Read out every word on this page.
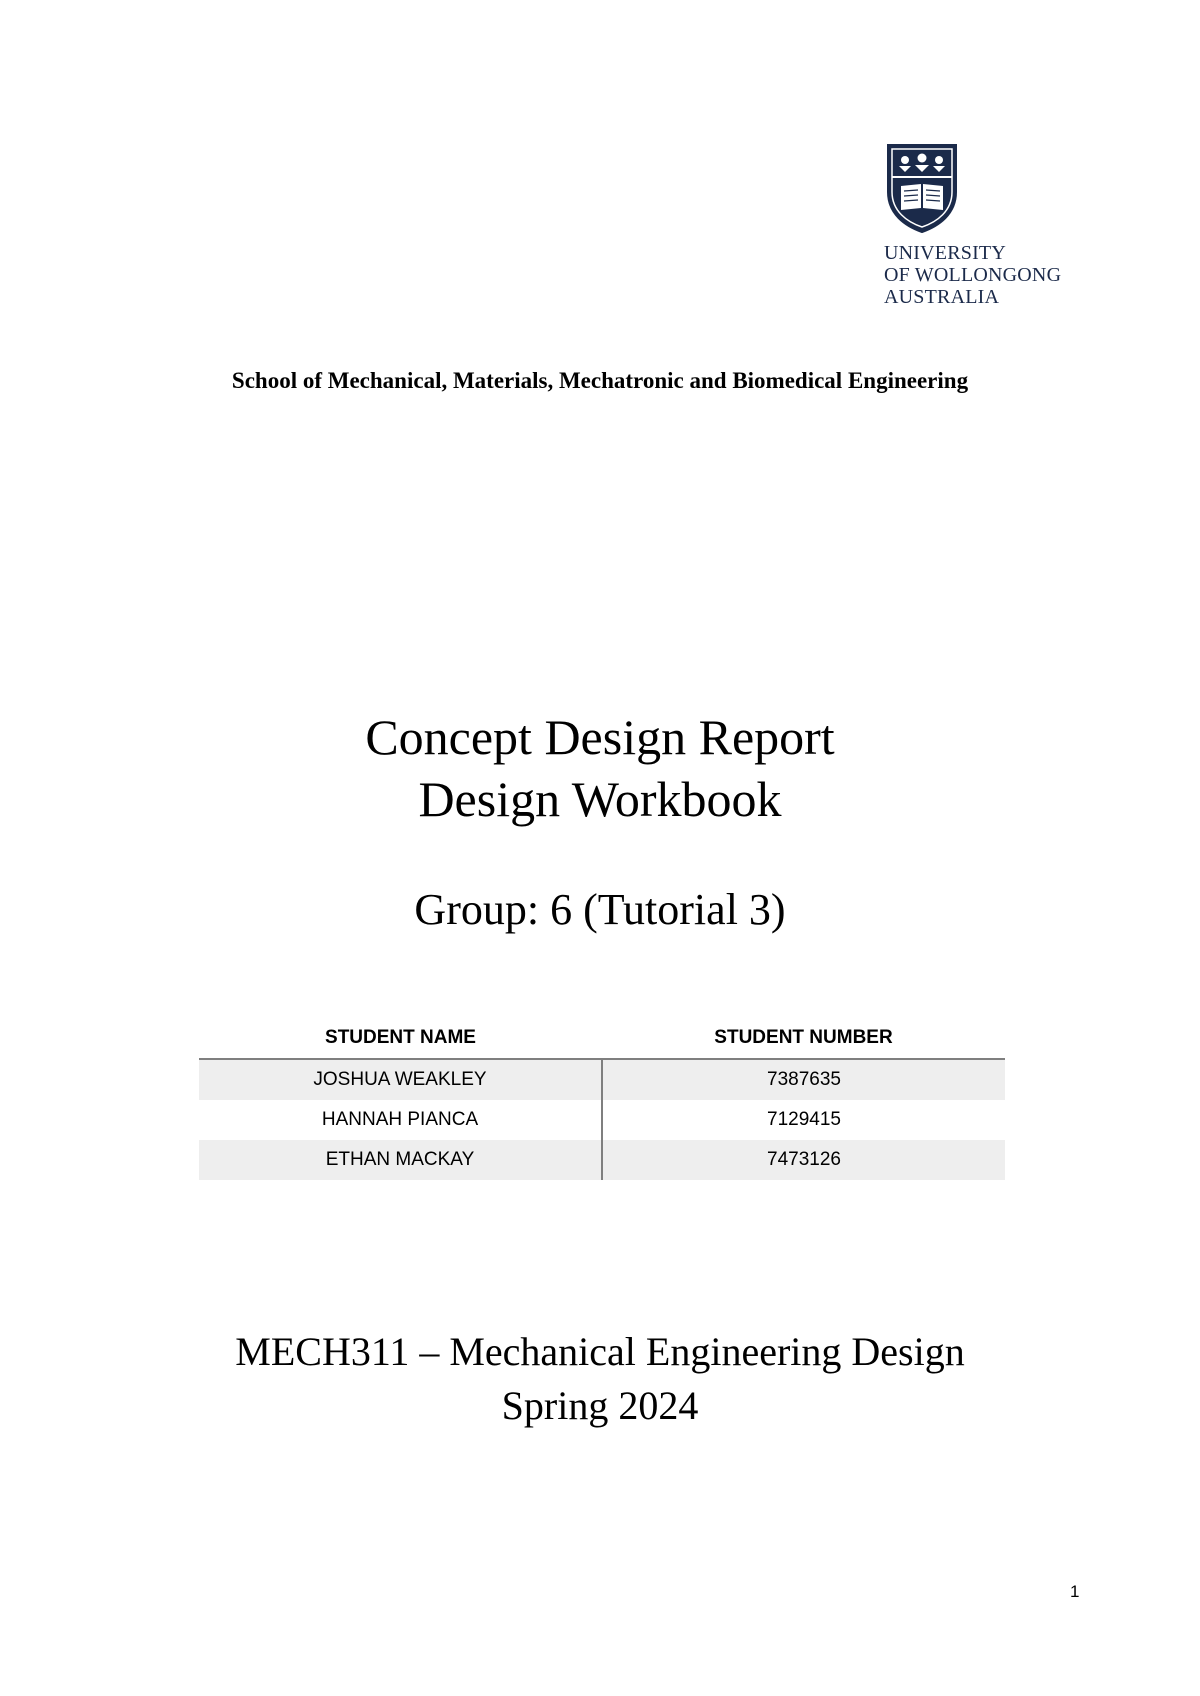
UNIVERSITY
OF WOLLONGONG
AUSTRALIA
School of Mechanical, Materials, Mechatronic and Biomedical Engineering
Concept Design Report
Design Workbook
Group: 6 (Tutorial 3)
STUDENT NAME	STUDENT NUMBER
JOSHUA WEAKLEY	7387635
HANNAH PIANCA	7129415
ETHAN MACKAY	7473126
MECH311 – Mechanical Engineering Design
Spring 2024
1
